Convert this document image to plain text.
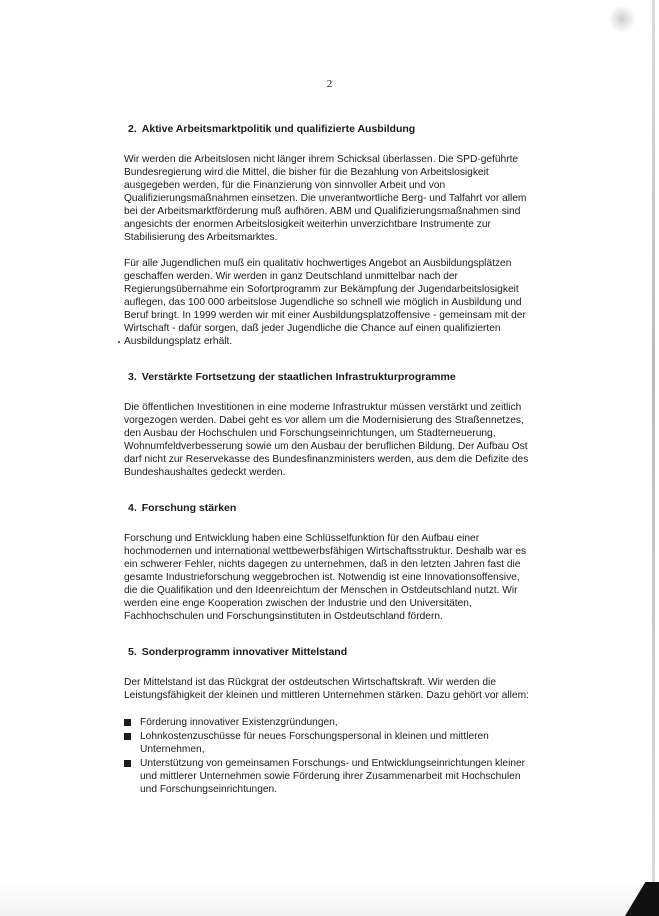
2
2. Aktive Arbeitsmarktpolitik und qualifizierte Ausbildung

Wir werden die Arbeitslosen nicht länger ihrem Schicksal überlassen. Die SPD-geführte Bundesregierung wird die Mittel, die bisher für die Bezahlung von Arbeitslosigkeit ausgegeben werden, für die Finanzierung von sinnvoller Arbeit und von Qualifizierungsmaßnahmen einsetzen. Die unverantwortliche Berg- und Talfahrt vor allem bei der Arbeitsmarktförderung muß aufhören. ABM und Qualifizierungsmaßnahmen sind angesichts der enormen Arbeitslosigkeit weiterhin unverzichtbare Instrumente zur Stabilisierung des Arbeitsmarktes.

Für alle Jugendlichen muß ein qualitativ hochwertiges Angebot an Ausbildungsplätzen geschaffen werden. Wir werden in ganz Deutschland unmittelbar nach der Regierungsübernahme ein Sofortprogramm zur Bekämpfung der Jugendarbeitslosigkeit auflegen, das 100 000 arbeitslose Jugendliche so schnell wie möglich in Ausbildung und Beruf bringt. In 1999 werden wir mit einer Ausbildungsplatzoffensive - gemeinsam mit der Wirtschaft - dafür sorgen, daß jeder Jugendliche die Chance auf einen qualifizierten Ausbildungsplatz erhält.

3. Verstärkte Fortsetzung der staatlichen Infrastrukturprogramme

Die öffentlichen Investitionen in eine moderne Infrastruktur müssen verstärkt und zeitlich vorgezogen werden. Dabei geht es vor allem um die Modernisierung des Straßennetzes, den Ausbau der Hochschulen und Forschungseinrichtungen, um Stadterneuerung, Wohnumfeldverbesserung sowie um den Ausbau der beruflichen Bildung. Der Aufbau Ost darf nicht zur Reservekasse des Bundesfinanzministers werden, aus dem die Defizite des Bundeshaushaltes gedeckt werden.

4. Forschung stärken

Forschung und Entwicklung haben eine Schlüsselfunktion für den Aufbau einer hochmodernen und international wettbewerbsfähigen Wirtschaftsstruktur. Deshalb war es ein schwerer Fehler, nichts dagegen zu unternehmen, daß in den letzten Jahren fast die gesamte Industrieforschung weggebrochen ist. Notwendig ist eine Innovationsoffensive, die die Qualifikation und den Ideenreichtum der Menschen in Ostdeutschland nutzt. Wir werden eine enge Kooperation zwischen der Industrie und den Universitäten, Fachhochschulen und Forschungsinstituten in Ostdeutschland fördern.

5. Sonderprogramm innovativer Mittelstand

Der Mittelstand ist das Rückgrat der ostdeutschen Wirtschaftskraft. Wir werden die Leistungsfähigkeit der kleinen und mittleren Unternehmen stärken. Dazu gehört vor allem:

Förderung innovativer Existenzgründungen,
Lohnkostenzuschüsse für neues Forschungspersonal in kleinen und mittleren Unternehmen,
Unterstützung von gemeinsamen Forschungs- und Entwicklungseinrichtungen kleiner und mittlerer Unternehmen sowie Förderung ihrer Zusammenarbeit mit Hochschulen und Forschungseinrichtungen.
